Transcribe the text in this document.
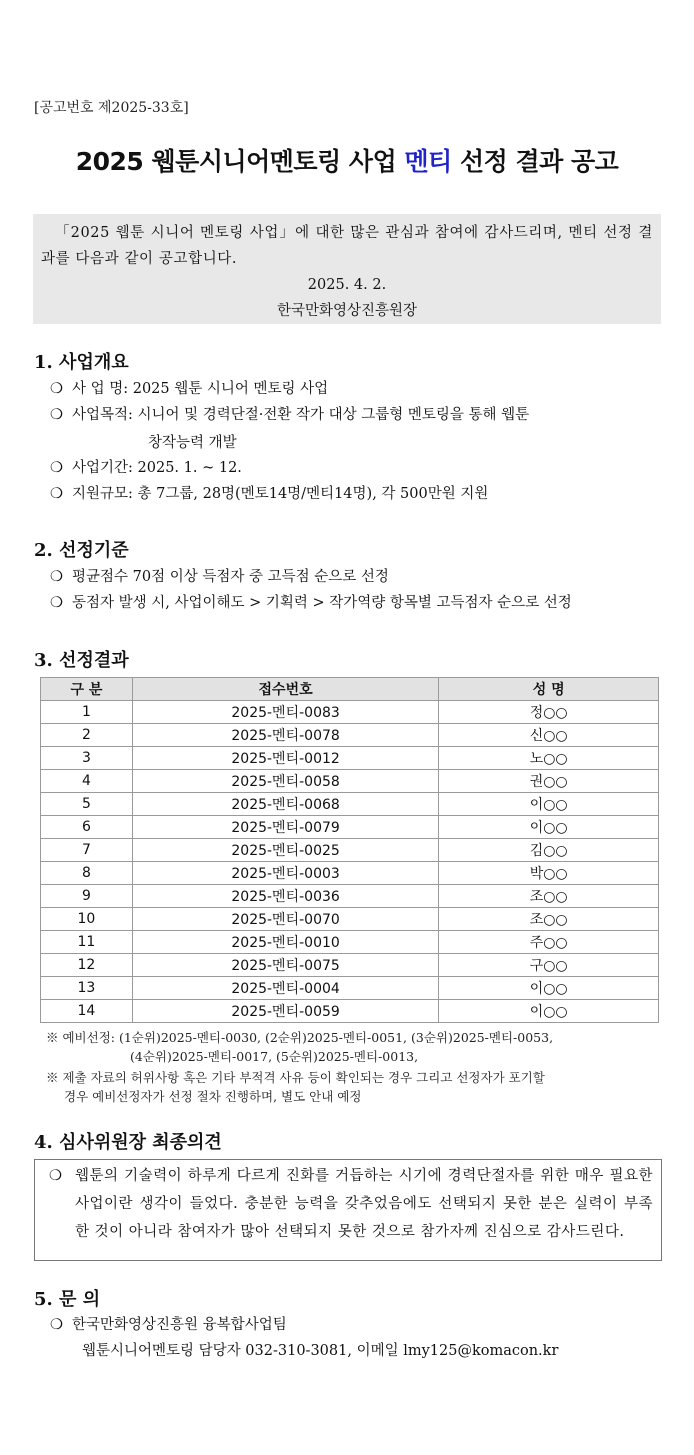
[공고번호 제2025-33호]
2025 웹툰시니어멘토링 사업 멘티 선정 결과 공고
「2025 웹툰 시니어 멘토링 사업」에 대한 많은 관심과 참여에 감사드리며, 멘티 선정 결과를 다음과 같이 공고합니다.
2025. 4. 2.
한국만화영상진흥원장
1. 사업개요
❍ 사 업 명: 2025 웹툰 시니어 멘토링 사업
❍ 사업목적: 시니어 및 경력단절·전환 작가 대상 그룹형 멘토링을 통해 웹툰
창작능력 개발
❍ 사업기간: 2025. 1. ~ 12.
❍ 지원규모: 총 7그룹, 28명(멘토14명/멘티14명), 각 500만원 지원
2. 선정기준
❍ 평균점수 70점 이상 득점자 중 고득점 순으로 선정
❍ 동점자 발생 시, 사업이해도 > 기획력 > 작가역량 항목별 고득점자 순으로 선정
3. 선정결과
구 분	접수번호	성 명
1	2025-멘티-0083	정○○
2	2025-멘티-0078	신○○
3	2025-멘티-0012	노○○
4	2025-멘티-0058	권○○
5	2025-멘티-0068	이○○
6	2025-멘티-0079	이○○
7	2025-멘티-0025	김○○
8	2025-멘티-0003	박○○
9	2025-멘티-0036	조○○
10	2025-멘티-0070	조○○
11	2025-멘티-0010	주○○
12	2025-멘티-0075	구○○
13	2025-멘티-0004	이○○
14	2025-멘티-0059	이○○
※ 예비선정: (1순위)2025-멘티-0030, (2순위)2025-멘티-0051, (3순위)2025-멘티-0053,
(4순위)2025-멘티-0017, (5순위)2025-멘티-0013,
※ 제출 자료의 허위사항 혹은 기타 부적격 사유 등이 확인되는 경우 그리고 선정자가 포기할
경우 예비선정자가 선정 절차 진행하며, 별도 안내 예정
4. 심사위원장 최종의견
❍ 웹툰의 기술력이 하루게 다르게 진화를 거듭하는 시기에 경력단절자를 위한 매우 필요한 사업이란 생각이 들었다. 충분한 능력을 갖추었음에도 선택되지 못한 분은 실력이 부족한 것이 아니라 참여자가 많아 선택되지 못한 것으로 참가자께 진심으로 감사드린다.
5. 문 의
❍ 한국만화영상진흥원 융복합사업팀
웹툰시니어멘토링 담당자 032-310-3081, 이메일 lmy125@komacon.kr
